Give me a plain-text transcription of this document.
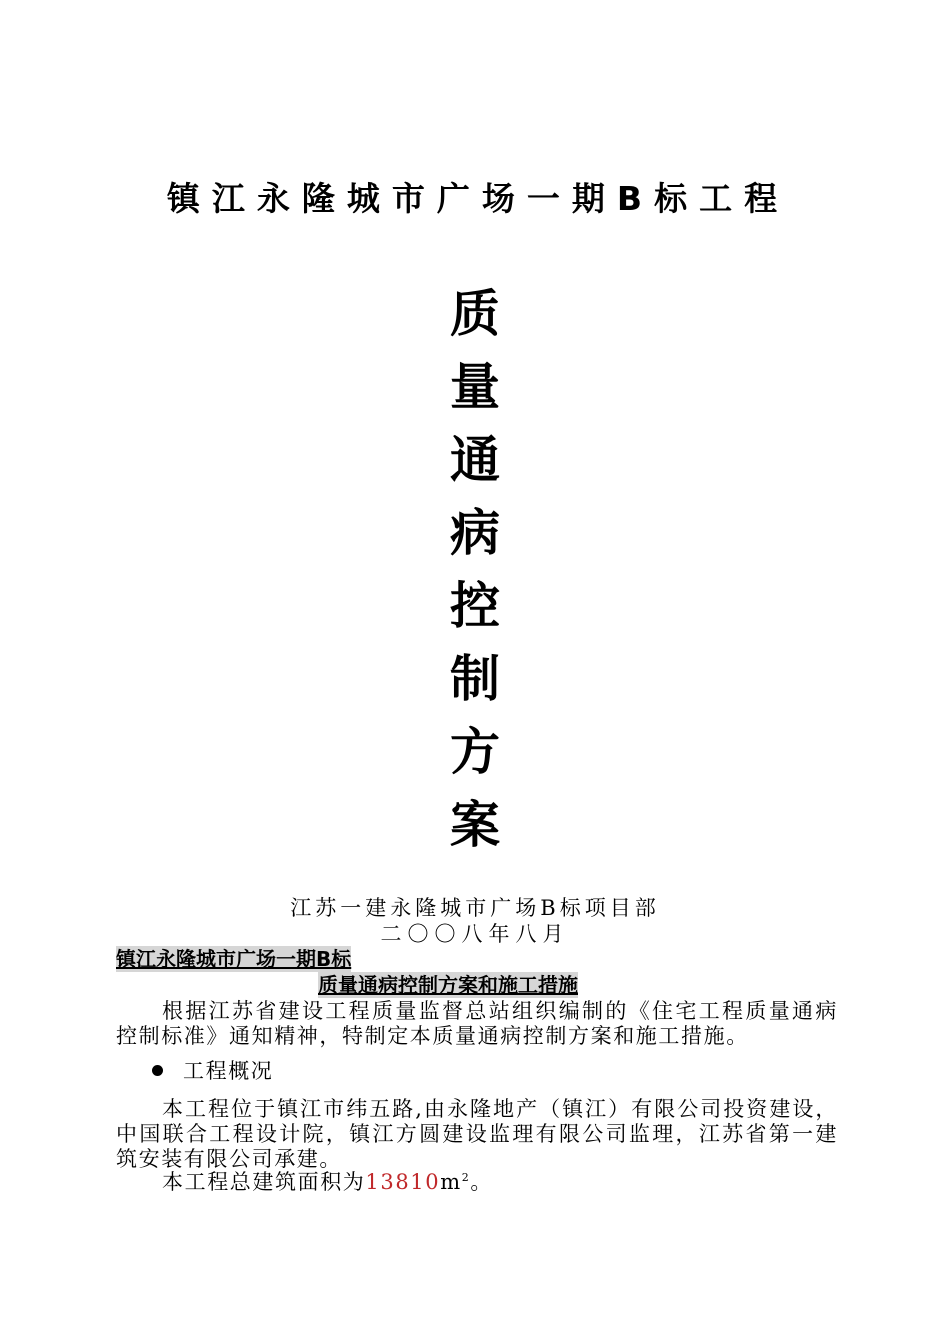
镇江永隆城市广场一期B标工程
质
量
通
病
控
制
方
案
江苏一建永隆城市广场B标项目部
二〇〇八年八月
镇江永隆城市广场一期B标
质量通病控制方案和施工措施
根据江苏省建设工程质量监督总站组织编制的《住宅工程质量通病控制标准》通知精神，特制定本质量通病控制方案和施工措施。
工程概况
本工程位于镇江市纬五路,由永隆地产（镇江）有限公司投资建设，中国联合工程设计院，镇江方圆建设监理有限公司监理，江苏省第一建筑安装有限公司承建。
本工程总建筑面积为$13810m^2$。
